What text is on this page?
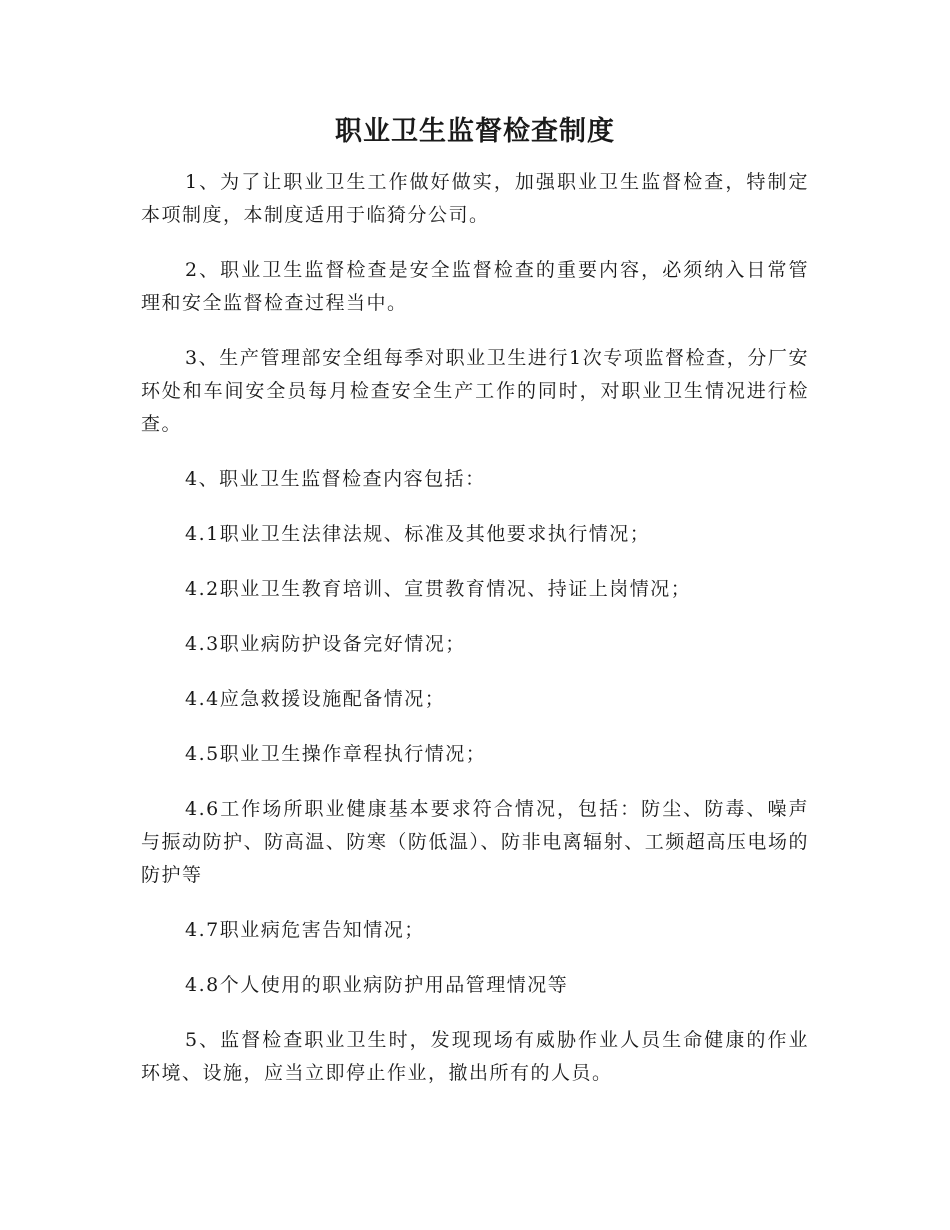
职业卫生监督检查制度

1、为了让职业卫生工作做好做实，加强职业卫生监督检查，特制定本项制度，本制度适用于临猗分公司。

2、职业卫生监督检查是安全监督检查的重要内容，必须纳入日常管理和安全监督检查过程当中。

3、生产管理部安全组每季对职业卫生进行1次专项监督检查，分厂安环处和车间安全员每月检查安全生产工作的同时，对职业卫生情况进行检查。

4、职业卫生监督检查内容包括：

4.1职业卫生法律法规、标准及其他要求执行情况；

4.2职业卫生教育培训、宣贯教育情况、持证上岗情况；

4.3职业病防护设备完好情况；

4.4应急救援设施配备情况；

4.5职业卫生操作章程执行情况；

4.6工作场所职业健康基本要求符合情况，包括：防尘、防毒、噪声与振动防护、防高温、防寒（防低温）、防非电离辐射、工频超高压电场的防护等

4.7职业病危害告知情况；

4.8个人使用的职业病防护用品管理情况等

5、监督检查职业卫生时，发现现场有威胁作业人员生命健康的作业环境、设施，应当立即停止作业，撤出所有的人员。
